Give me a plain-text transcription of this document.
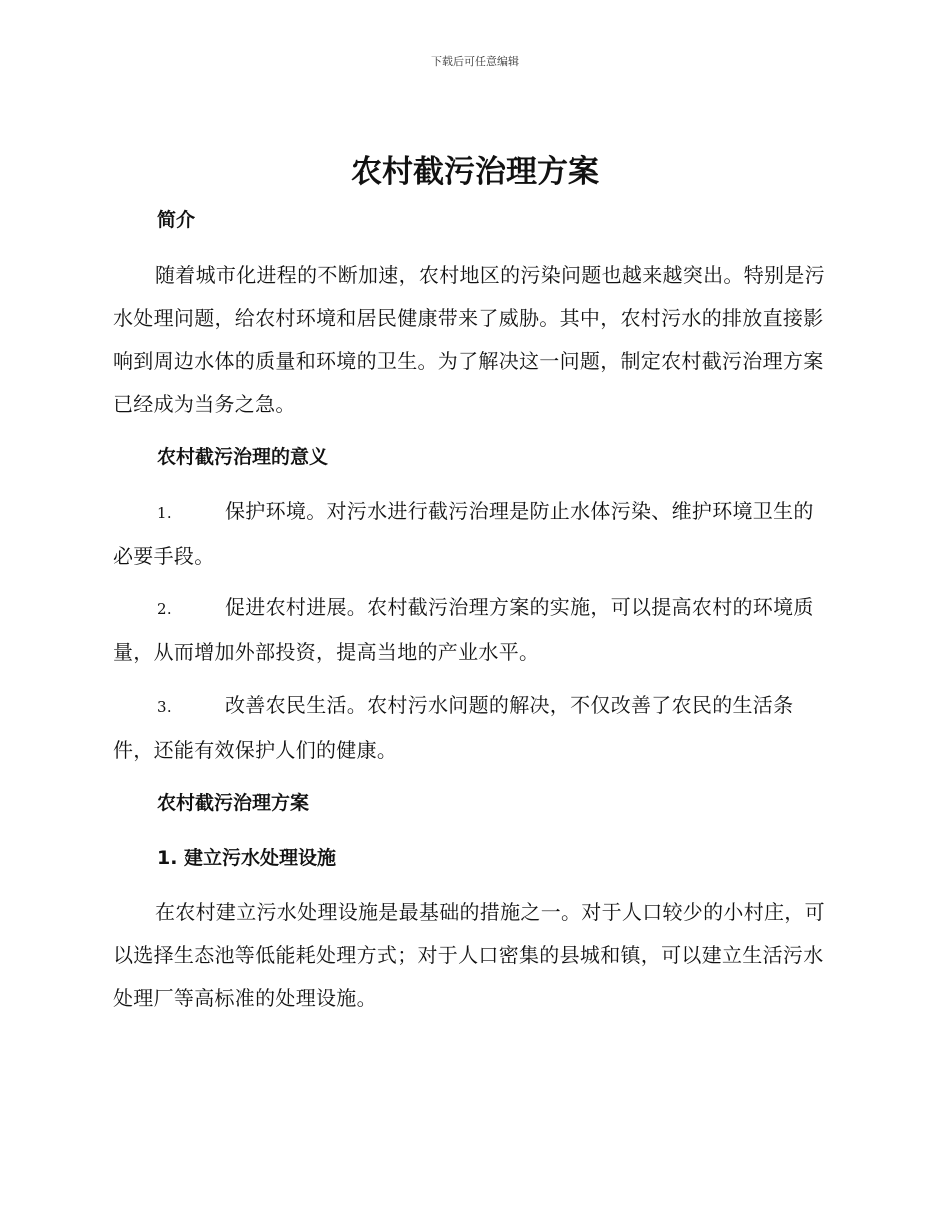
下载后可任意编辑
农村截污治理方案
简介
随着城市化进程的不断加速，农村地区的污染问题也越来越突出。特别是污水处理问题，给农村环境和居民健康带来了威胁。其中，农村污水的排放直接影响到周边水体的质量和环境的卫生。为了解决这一问题，制定农村截污治理方案已经成为当务之急。
农村截污治理的意义
1.	保护环境。对污水进行截污治理是防止水体污染、维护环境卫生的必要手段。
2.	促进农村进展。农村截污治理方案的实施，可以提高农村的环境质量，从而增加外部投资，提高当地的产业水平。
3.	改善农民生活。农村污水问题的解决，不仅改善了农民的生活条件，还能有效保护人们的健康。
农村截污治理方案
1. 建立污水处理设施
在农村建立污水处理设施是最基础的措施之一。对于人口较少的小村庄，可以选择生态池等低能耗处理方式；对于人口密集的县城和镇，可以建立生活污水处理厂等高标准的处理设施。
